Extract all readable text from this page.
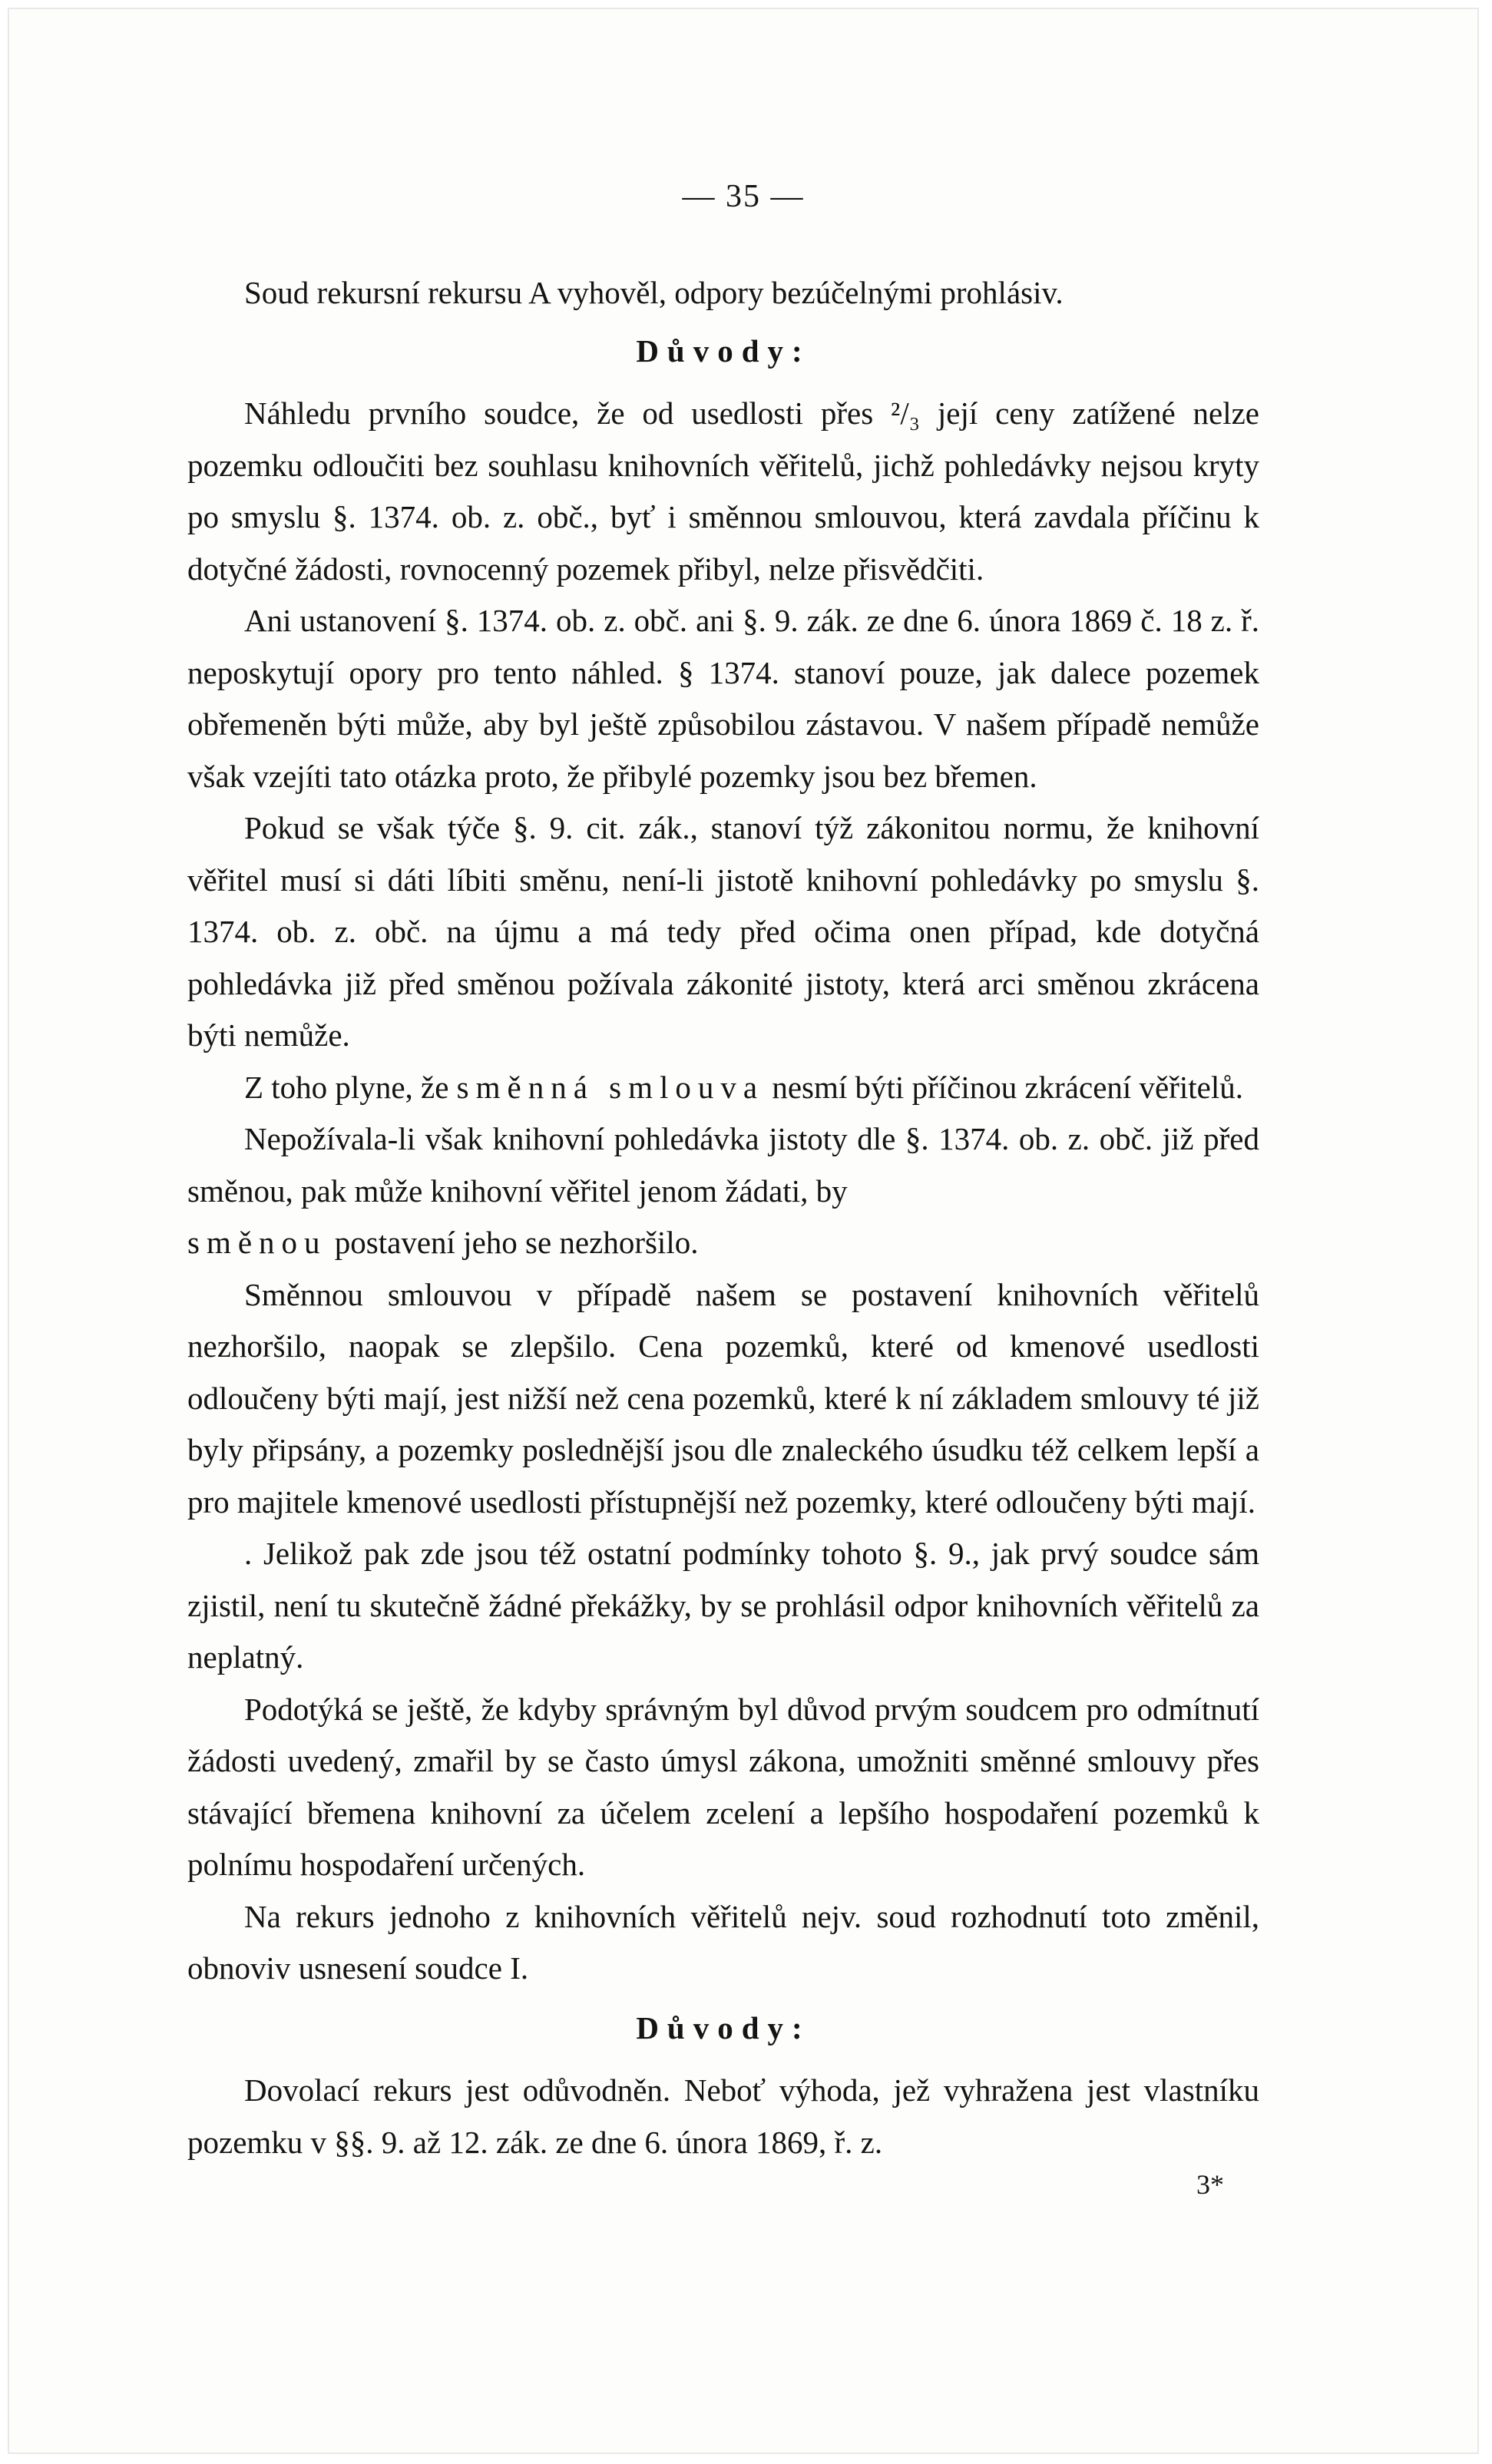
— 35 —

Soud rekursní rekursu A vyhověl, odpory bezúčelnými prohlásiv.

Důvody:

Náhledu prvního soudce, že od usedlosti přes ²/₃ její ceny zatížené nelze pozemku odloučiti bez souhlasu knihovních věřitelů, jichž pohledávky nejsou kryty po smyslu §. 1374. ob. z. obč., byť i směnnou smlouvou, která zavdala příčinu k dotyčné žádosti, rovnocenný pozemek přibyl, nelze přisvědčiti.

Ani ustanovení §. 1374. ob. z. obč. ani §. 9. zák. ze dne 6. února 1869 č. 18 z. ř. neposkytují opory pro tento náhled. § 1374. stanoví pouze, jak dalece pozemek obřemeněn býti může, aby byl ještě způsobilou zástavou. V našem případě nemůže však vzejíti tato otázka proto, že přibylé pozemky jsou bez břemen.

Pokud se však týče §. 9. cit. zák., stanoví týž zákonitou normu, že knihovní věřitel musí si dáti líbiti směnu, není-li jistotě knihovní pohledávky po smyslu §. 1374. ob. z. obč. na újmu a má tedy před očima onen případ, kde dotyčná pohledávka již před směnou požívala zákonité jistoty, která arci směnou zkrácena býti nemůže.

Z toho plyne, že směnná smlouva nesmí býti příčinou zkrácení věřitelů.

Nepožívala-li však knihovní pohledávka jistoty dle §. 1374. ob. z. obč. již před směnou, pak může knihovní věřitel jenom žádati, by

směnou postavení jeho se nezhoršilo.

Směnnou smlouvou v případě našem se postavení knihovních věřitelů nezhoršilo, naopak se zlepšilo. Cena pozemků, které od kmenové usedlosti odloučeny býti mají, jest nižší než cena pozemků, které k ní základem smlouvy té již byly připsány, a pozemky poslednější jsou dle znaleckého úsudku též celkem lepší a pro majitele kmenové usedlosti přístupnější než pozemky, které odloučeny býti mají.

. Jelikož pak zde jsou též ostatní podmínky tohoto §. 9., jak prvý soudce sám zjistil, není tu skutečně žádné překážky, by se prohlásil odpor knihovních věřitelů za neplatný.

Podotýká se ještě, že kdyby správným byl důvod prvým soudcem pro odmítnutí žádosti uvedený, zmařil by se často úmysl zákona, umožniti směnné smlouvy přes stávající břemena knihovní za účelem zcelení a lepšího hospodaření pozemků k polnímu hospodaření určených.

Na rekurs jednoho z knihovních věřitelů nejv. soud rozhodnutí toto změnil, obnoviv usnesení soudce I.

Důvody:

Dovolací rekurs jest odůvodněn. Neboť výhoda, jež vyhražena jest vlastníku pozemku v §§. 9. až 12. zák. ze dne 6. února 1869, ř. z.

3*
